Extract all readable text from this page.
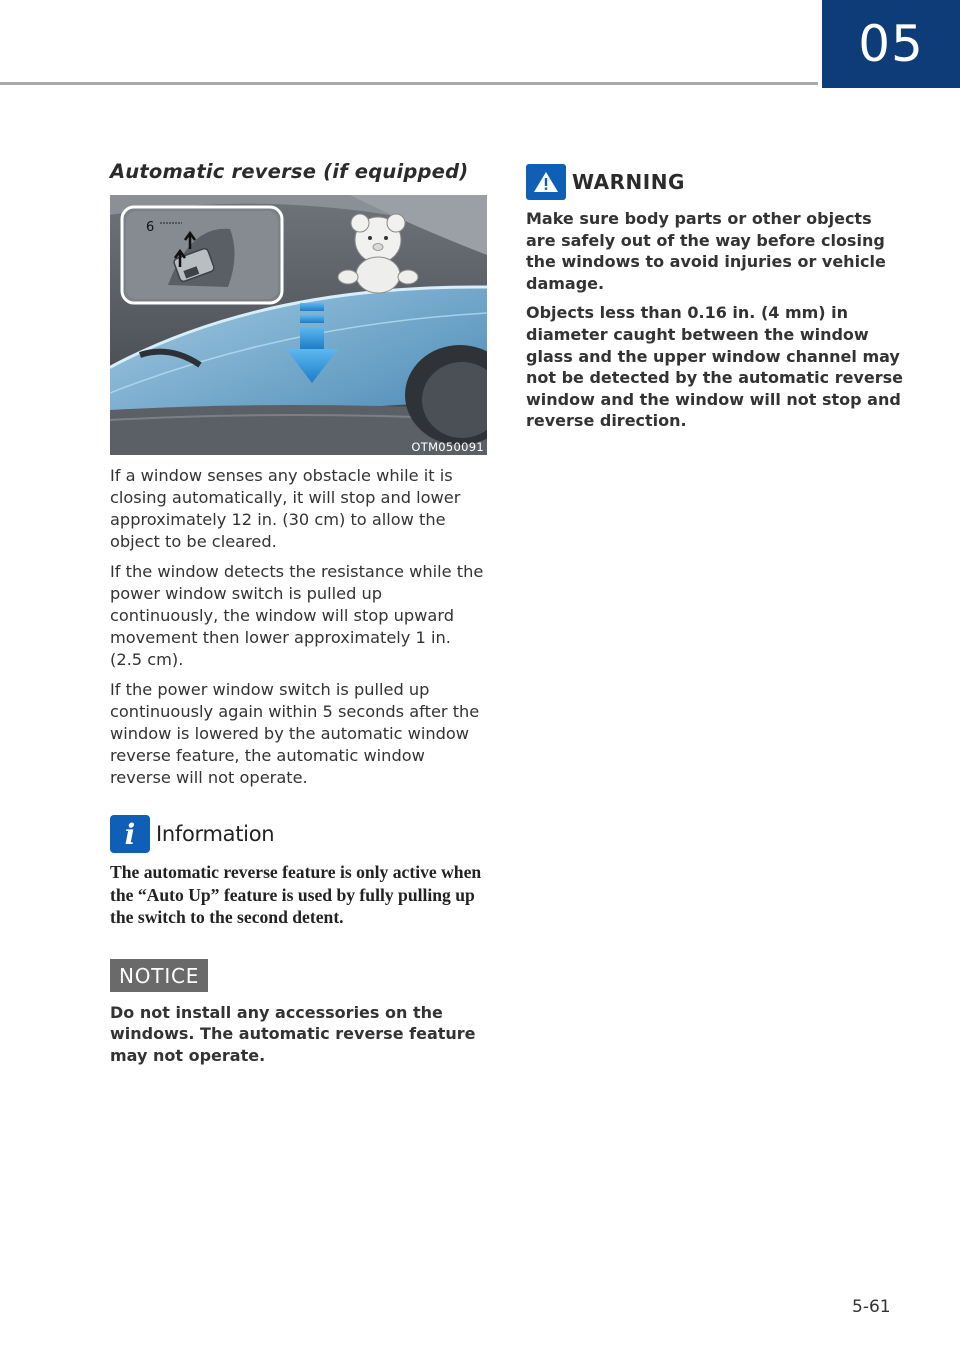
05
Automatic reverse (if equipped)
6
OTM050091

If a window senses any obstacle while it is closing automatically, it will stop and lower approximately 12 in. (30 cm) to allow the object to be cleared.

If the window detects the resistance while the power window switch is pulled up continuously, the window will stop upward movement then lower approximately 1 in. (2.5 cm).

If the power window switch is pulled up continuously again within 5 seconds after the window is lowered by the automatic window reverse feature, the automatic window reverse will not operate.

i Information

The automatic reverse feature is only active when the “Auto Up” feature is used by fully pulling up the switch to the second detent.

NOTICE

Do not install any accessories on the windows. The automatic reverse feature may not operate.

WARNING

Make sure body parts or other objects are safely out of the way before closing the windows to avoid injuries or vehicle damage.

Objects less than 0.16 in. (4 mm) in diameter caught between the window glass and the upper window channel may not be detected by the automatic reverse window and the window will not stop and reverse direction.

5-61
